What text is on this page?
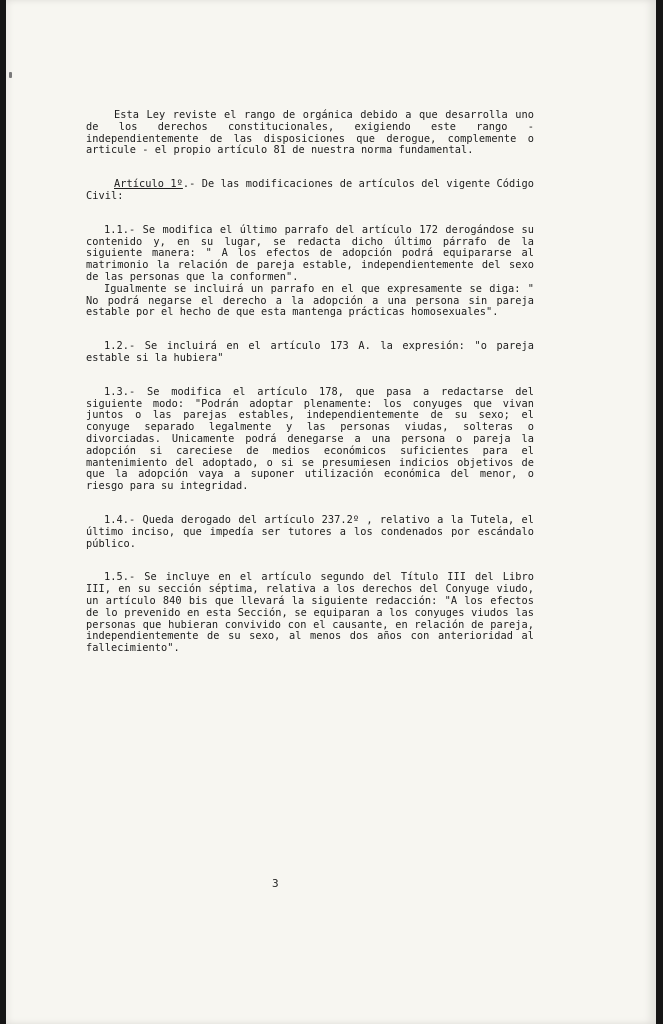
Esta Ley reviste el rango de orgánica debido a que desarrolla uno de los derechos constitucionales, exigiendo este rango - independientemente de las disposiciones que derogue, complemente o articule - el propio artículo 81 de nuestra norma fundamental.

Artículo 1º.- De las modificaciones de artículos del vigente Código Civil:

1.1.- Se modifica el último parrafo del artículo 172 derogándose su contenido y, en su lugar, se redacta dicho último párrafo de la siguiente manera: " A los efectos de adopción podrá equipararse al matrimonio la relación de pareja estable, independientemente del sexo de las personas que la conformen".

Igualmente se incluirá un parrafo en el que expresamente se diga: " No podrá negarse el derecho a la adopción a una persona sin pareja estable por el hecho de que esta mantenga prácticas homosexuales".

1.2.- Se incluirá en el artículo 173 A. la expresión: "o pareja estable si la hubiera"

1.3.- Se modifica el artículo 178, que pasa a redactarse del siguiente modo: "Podrán adoptar plenamente: los conyuges que vivan juntos o las parejas estables, independientemente de su sexo; el conyuge separado legalmente y las personas viudas, solteras o divorciadas. Unicamente podrá denegarse a una persona o pareja la adopción si careciese de medios económicos suficientes para el mantenimiento del adoptado, o si se presumiesen indicios objetivos de que la adopción vaya a suponer utilización económica del menor, o riesgo para su integridad.

1.4.- Queda derogado del artículo 237.2º , relativo a la Tutela, el último inciso, que impedía ser tutores a los condenados por escándalo público.

1.5.- Se incluye en el artículo segundo del Título III del Libro III, en su sección séptima, relativa a los derechos del Conyuge viudo, un artículo 840 bis que llevará la siguiente redacción: "A los efectos de lo prevenido en esta Sección, se equiparan a los conyuges viudos las personas que hubieran convivido con el causante, en relación de pareja, independientemente de su sexo, al menos dos años con anterioridad al fallecimiento".

3
